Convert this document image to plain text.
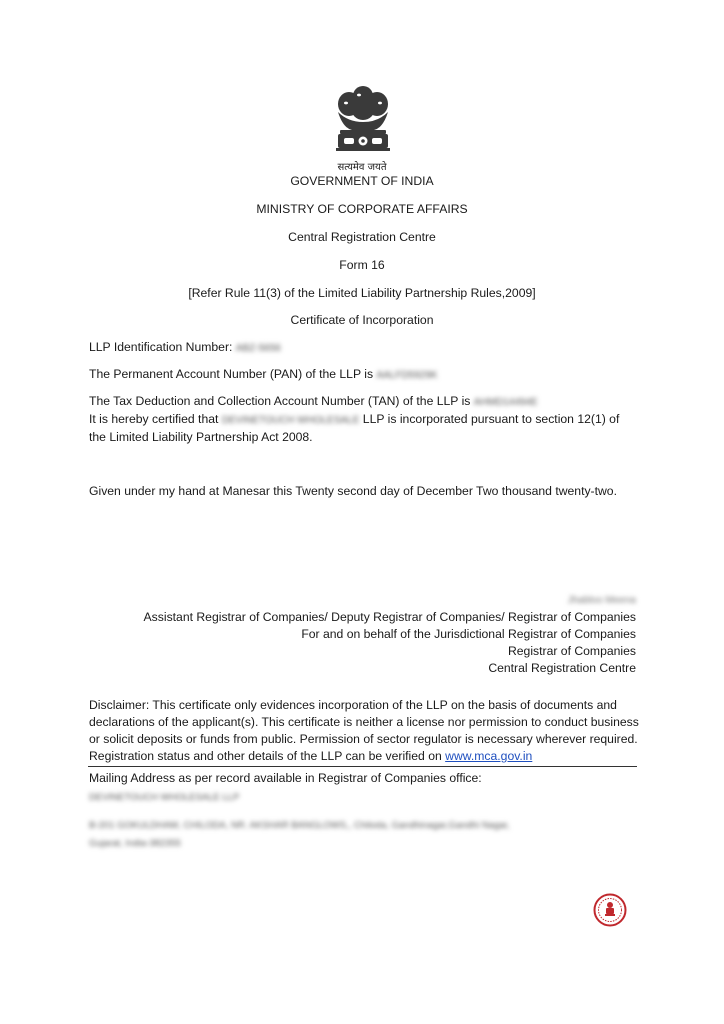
सत्यमेव जयते
GOVERNMENT OF INDIA
MINISTRY OF CORPORATE AFFAIRS
Central Registration Centre
Form 16
[Refer Rule 11(3) of the Limited Liability Partnership Rules,2009]
Certificate of Incorporation
LLP Identification Number: ABZ-5656
The Permanent Account Number (PAN) of the LLP is AALFD5929K
The Tax Deduction and Collection Account Number (TAN) of the LLP is AHMD14494E
It is hereby certified that DEVINETOUCH WHOLESALE LLP is incorporated pursuant to section 12(1) of
the Limited Liability Partnership Act 2008.
Given under my hand at Manesar this Twenty second day of December Two thousand twenty-two.
Jhabloo Meena
Assistant Registrar of Companies/ Deputy Registrar of Companies/ Registrar of Companies
For and on behalf of the Jurisdictional Registrar of Companies
Registrar of Companies
Central Registration Centre
Disclaimer: This certificate only evidences incorporation of the LLP on the basis of documents and
declarations of the applicant(s). This certificate is neither a license nor permission to conduct business
or solicit deposits or funds from public. Permission of sector regulator is necessary wherever required.
Registration status and other details of the LLP can be verified on www.mca.gov.in
Mailing Address as per record available in Registrar of Companies office:
DEVINETOUCH WHOLESALE LLP
B-201 GOKULDHAM, CHILODA, NR. AKSHAR BANGLOWS,, Chiloda, Gandhinagar,Gandhi Nagar,
Gujarat, India-382355
